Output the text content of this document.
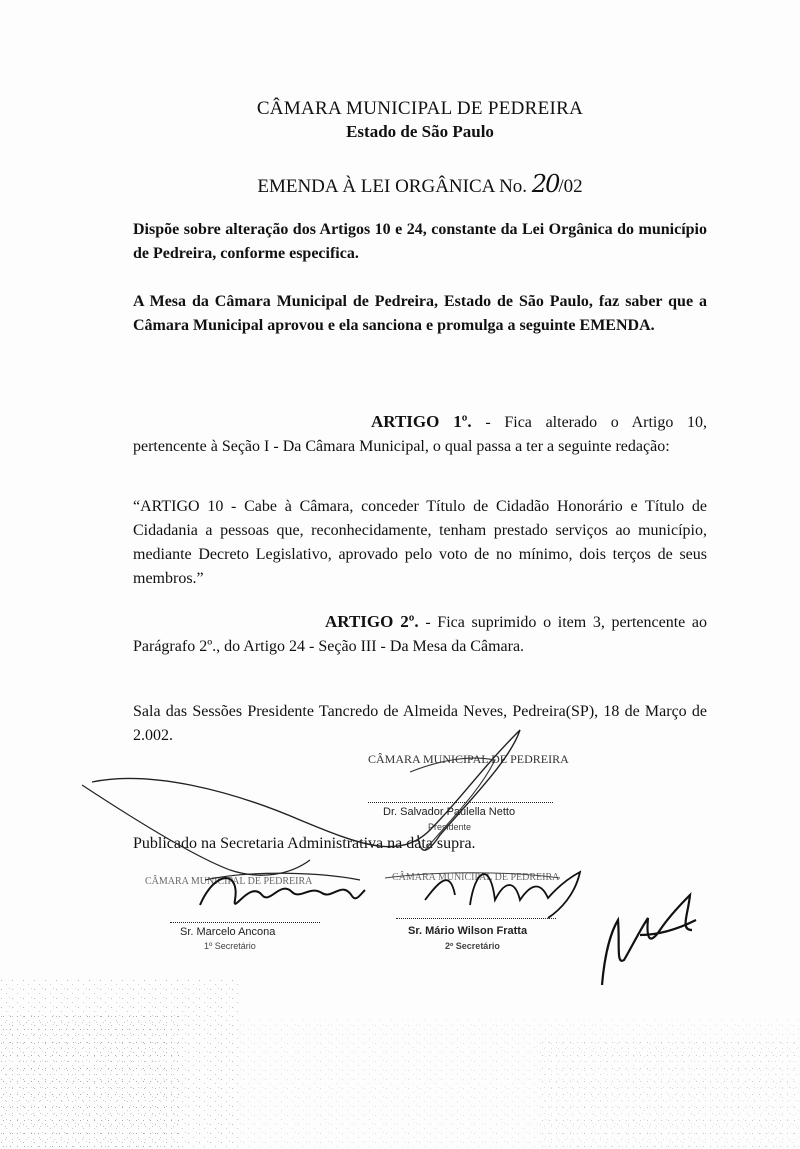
CÂMARA MUNICIPAL DE PEDREIRA
Estado de São Paulo
EMENDA À LEI ORGÂNICA No. 20/02
Dispõe sobre alteração dos Artigos 10 e 24, constante da Lei Orgânica do município de Pedreira, conforme especifica.
A Mesa da Câmara Municipal de Pedreira, Estado de São Paulo, faz saber que a Câmara Municipal aprovou e ela sanciona e promulga a seguinte EMENDA.
ARTIGO 1º. - Fica alterado o Artigo 10, pertencente à Seção I - Da Câmara Municipal, o qual passa a ter a seguinte redação:
“ARTIGO 10 - Cabe à Câmara, conceder Título de Cidadão Honorário e Título de Cidadania a pessoas que, reconhecidamente, tenham prestado serviços ao município, mediante Decreto Legislativo, aprovado pelo voto de no mínimo, dois terços de seus membros.”
ARTIGO 2º. - Fica suprimido o item 3, pertencente ao Parágrafo 2º., do Artigo 24 - Seção III - Da Mesa da Câmara.
Sala das Sessões Presidente Tancredo de Almeida Neves, Pedreira(SP), 18 de Março de 2.002.
CÂMARA MUNICIPAL DE PEDREIRA
Dr. Salvador Paulella Netto
Presidente
Publicado na Secretaria Administrativa na data supra.
CÂMARA MUNICIPAL DE PEDREIRA
Sr. Marcelo Ancona
1º Secretário
CÂMARA MUNICIPAL DE PEDREIRA
Sr. Mário Wilson Fratta
2º Secretário
